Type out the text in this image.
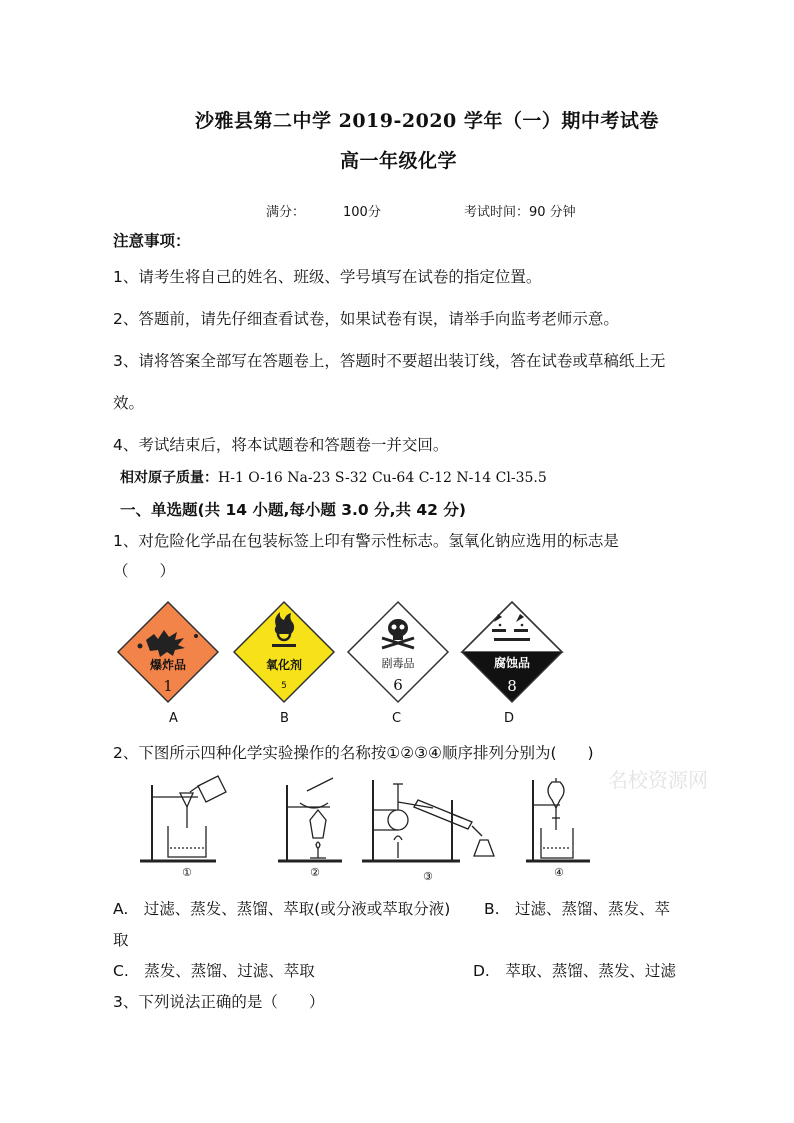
沙雅县第二中学 2019-2020 学年（一）期中考试卷
高一年级化学
满分：	100分	考试时间：90 分钟
注意事项：
1、请考生将自己的姓名、班级、学号填写在试卷的指定位置。
2、答题前，请先仔细查看试卷，如果试卷有误，请举手向监考老师示意。
3、请将答案全部写在答题卷上，答题时不要超出装订线，答在试卷或草稿纸上无
效。
4、考试结束后，将本试题卷和答题卷一并交回。
相对原子质量：H-1 O-16 Na-23 S-32 Cu-64 C-12 N-14 Cl-35.5
一、单选题(共 14 小题,每小题 3.0 分,共 42 分)
1、对危险化学品在包装标签上印有警示性标志。氢氧化钠应选用的标志是
（　　）
爆炸品
1
氧化剂
5
剧毒品
6
腐蚀品
8
A	B	C	D
2、下图所示四种化学实验操作的名称按①②③④顺序排列分别为(　　)
名校资源网
①	②	③	④
A.　过滤、蒸发、蒸馏、萃取(或分液或萃取分液) B.　过滤、蒸馏、蒸发、萃
取
C.　蒸发、蒸馏、过滤、萃取	D.　萃取、蒸馏、蒸发、过滤
3、下列说法正确的是（　　）
